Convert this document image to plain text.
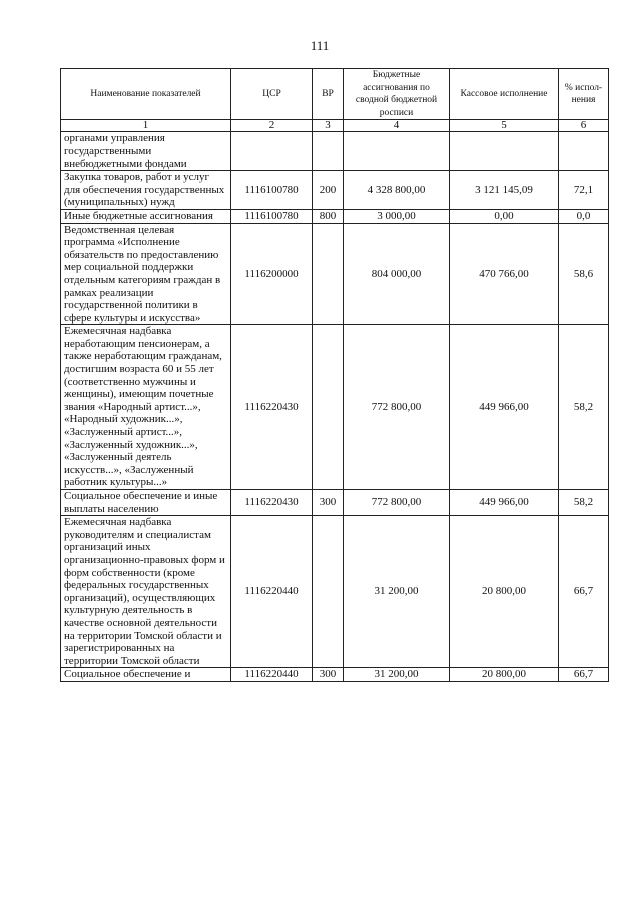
111
Наименование показателей	ЦСР	ВР	Бюджетные ассигнования по сводной бюджетной росписи	Кассовое исполнение	% испол-нения
1	2	3	4	5	6
органами управления государственными внебюджетными фондами					
Закупка товаров, работ и услуг для обеспечения государственных (муниципальных) нужд	1116100780	200	4 328 800,00	3 121 145,09	72,1
Иные бюджетные ассигнования	1116100780	800	3 000,00	0,00	0,0
Ведомственная целевая программа «Исполнение обязательств по предоставлению мер социальной поддержки отдельным категориям граждан в рамках реализации государственной политики в сфере культуры и искусства»	1116200000		804 000,00	470 766,00	58,6
Ежемесячная надбавка неработающим пенсионерам, а также неработающим гражданам, достигшим возраста 60 и 55 лет (соответственно мужчины и женщины), имеющим почетные звания «Народный артист...», «Народный художник...», «Заслуженный артист...», «Заслуженный художник...», «Заслуженный деятель искусств...», «Заслуженный работник культуры...»	1116220430		772 800,00	449 966,00	58,2
Социальное обеспечение и иные выплаты населению	1116220430	300	772 800,00	449 966,00	58,2
Ежемесячная надбавка руководителям и специалистам организаций иных организационно-правовых форм и форм собственности (кроме федеральных государственных организаций), осуществляющих культурную деятельность в качестве основной деятельности на территории Томской области и зарегистрированных на территории Томской области	1116220440		31 200,00	20 800,00	66,7
Социальное обеспечение и	1116220440	300	31 200,00	20 800,00	66,7
